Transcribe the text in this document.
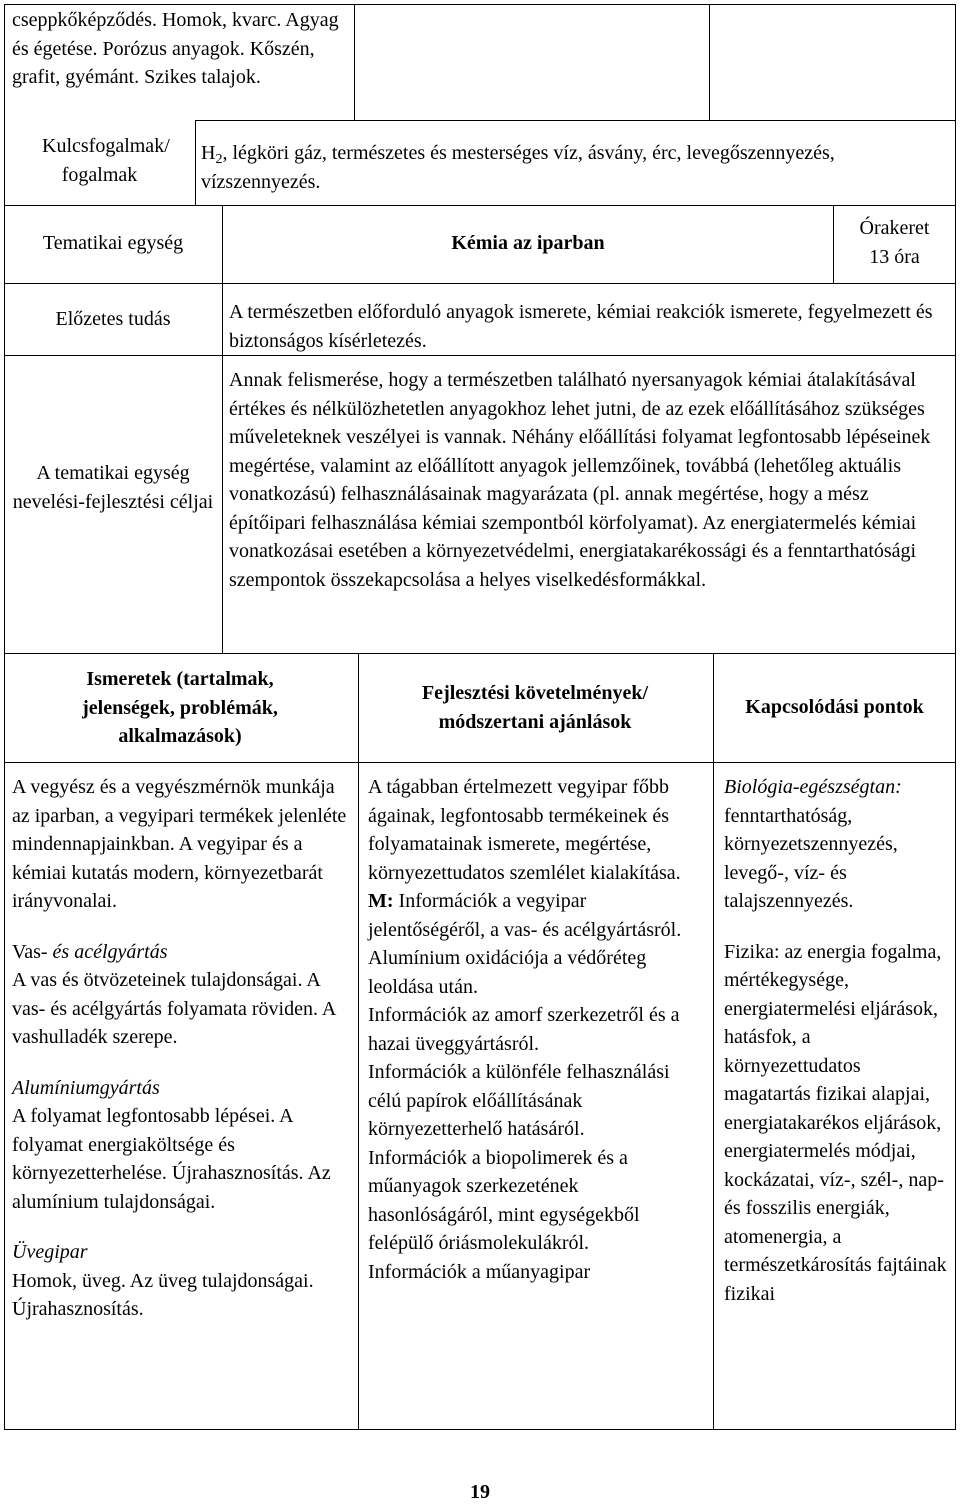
cseppkőképződés. Homok, kvarc. Agyag és égetése. Porózus anyagok. Kőszén, grafit, gyémánt. Szikes talajok.
Kulcsfogalmak/ fogalmak
$H_2$, légköri gáz, természetes és mesterséges víz, ásvány, érc, levegőszennyezés, vízszennyezés.
Tematikai egység	Kémia az iparban
Órakeret
13 óra
Előzetes tudás	A természetben előforduló anyagok ismerete, kémiai reakciók ismerete, fegyelmezett és biztonságos kísérletezés.
A tematikai egység nevelési-fejlesztési céljai
Annak felismerése, hogy a természetben található nyersanyagok kémiai átalakításával értékes és nélkülözhetetlen anyagokhoz lehet jutni, de az ezek előállításához szükséges műveleteknek veszélyei is vannak. Néhány előállítási folyamat legfontosabb lépéseinek megértése, valamint az előállított anyagok jellemzőinek, továbbá (lehetőleg aktuális vonatkozású) felhasználásainak magyarázata (pl. annak megértése, hogy a mész építőipari felhasználása kémiai szempontból körfolyamat). Az energiatermelés kémiai vonatkozásai esetében a környezetvédelmi, energiatakarékossági és a fenntarthatósági szempontok összekapcsolása a helyes viselkedésformákkal.
Ismeretek (tartalmak, jelenségek, problémák, alkalmazások)
Fejlesztési követelmények/ módszertani ajánlások
Kapcsolódási pontok

A vegyész és a vegyészmérnök munkája az iparban, a vegyipari termékek jelenléte mindennapjainkban. A vegyipar és a kémiai kutatás modern, környezetbarát irányvonalai.

Vas- és acélgyártás

A vas és ötvözeteinek tulajdonságai. A vas- és acélgyártás folyamata röviden. A vashulladék szerepe.

Alumíniumgyártás

A folyamat legfontosabb lépései. A folyamat energiaköltsége és környezetterhelése. Újrahasznosítás. Az alumínium tulajdonságai.

Üvegipar

Homok, üveg. Az üveg tulajdonságai. Újrahasznosítás.

A tágabban értelmezett vegyipar főbb ágainak, legfontosabb termékeinek és folyamatainak ismerete, megértése, környezettudatos szemlélet kialakítása.

M: Információk a vegyipar jelentőségéről, a vas- és acélgyártásról.

Alumínium oxidációja a védőréteg leoldása után.

Információk az amorf szerkezetről és a hazai üveggyártásról.

Információk a különféle felhasználási célú papírok előállításának környezetterhelő hatásáról.

Információk a biopolimerek és a műanyagok szerkezetének hasonlóságáról, mint egységekből felépülő óriásmolekulákról.

Információk a műanyagipar

Biológia-egészségtan:

fenntarthatóság, környezetszennyezés, levegő-, víz- és talajszennyezés.

Fizika: az energia fogalma, mértékegysége, energiatermelési eljárások, hatásfok, a környezettudatos magatartás fizikai alapjai, energiatakarékos eljárások, energiatermelés módjai, kockázatai, víz-, szél-, nap- és fosszilis energiák, atomenergia, a természetkárosítás fajtáinak fizikai

19
